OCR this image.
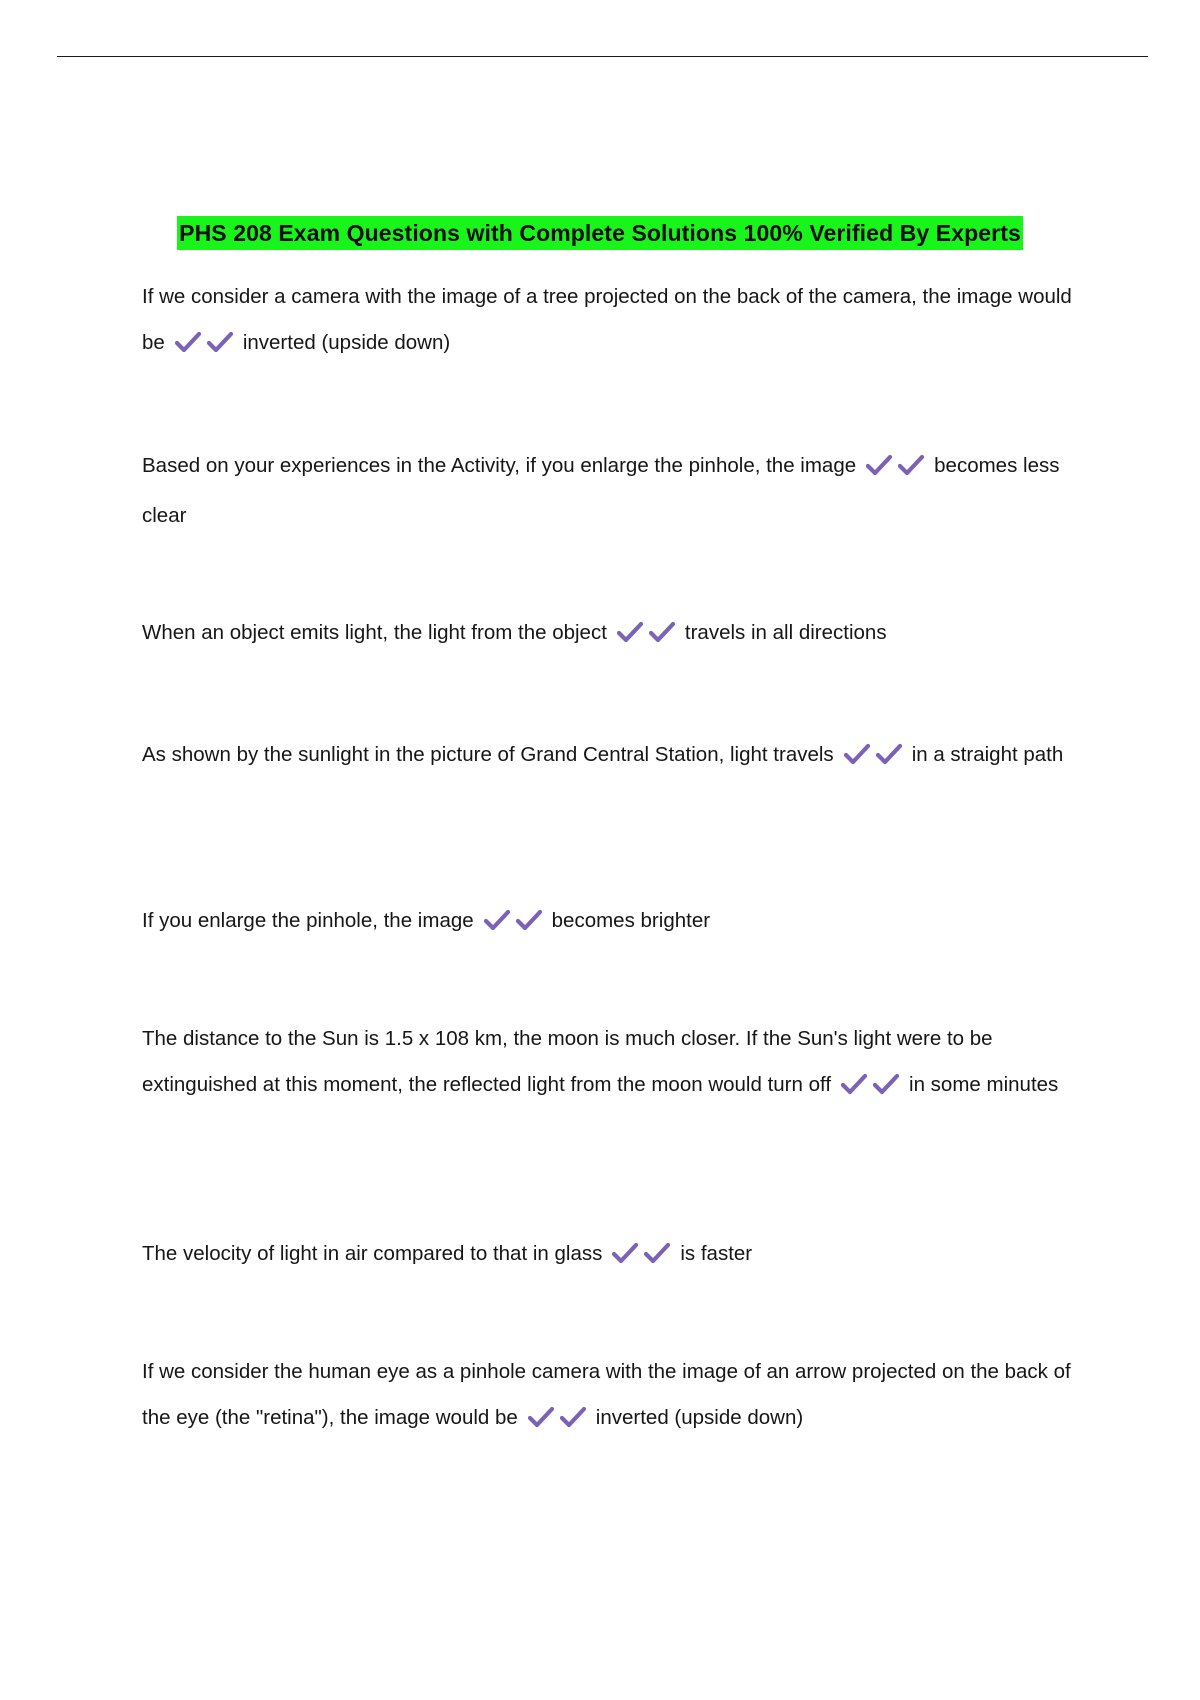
PHS 208 Exam Questions with Complete Solutions 100% Verified By Experts

If we consider a camera with the image of a tree projected on the back of the camera, the image would be	inverted (upside down)

Based on your experiences in the Activity, if you enlarge the pinhole, the image	becomes less clear

When an object emits light, the light from the object	travels in all directions

As shown by the sunlight in the picture of Grand Central Station, light travels	in a straight path

If you enlarge the pinhole, the image	becomes brighter

The distance to the Sun is 1.5 x 108 km, the moon is much closer. If the Sun's light were to be extinguished at this moment, the reflected light from the moon would turn off	in some minutes

The velocity of light in air compared to that in glass	is faster

If we consider the human eye as a pinhole camera with the image of an arrow projected on the back of the eye (the "retina"), the image would be	inverted (upside down)
